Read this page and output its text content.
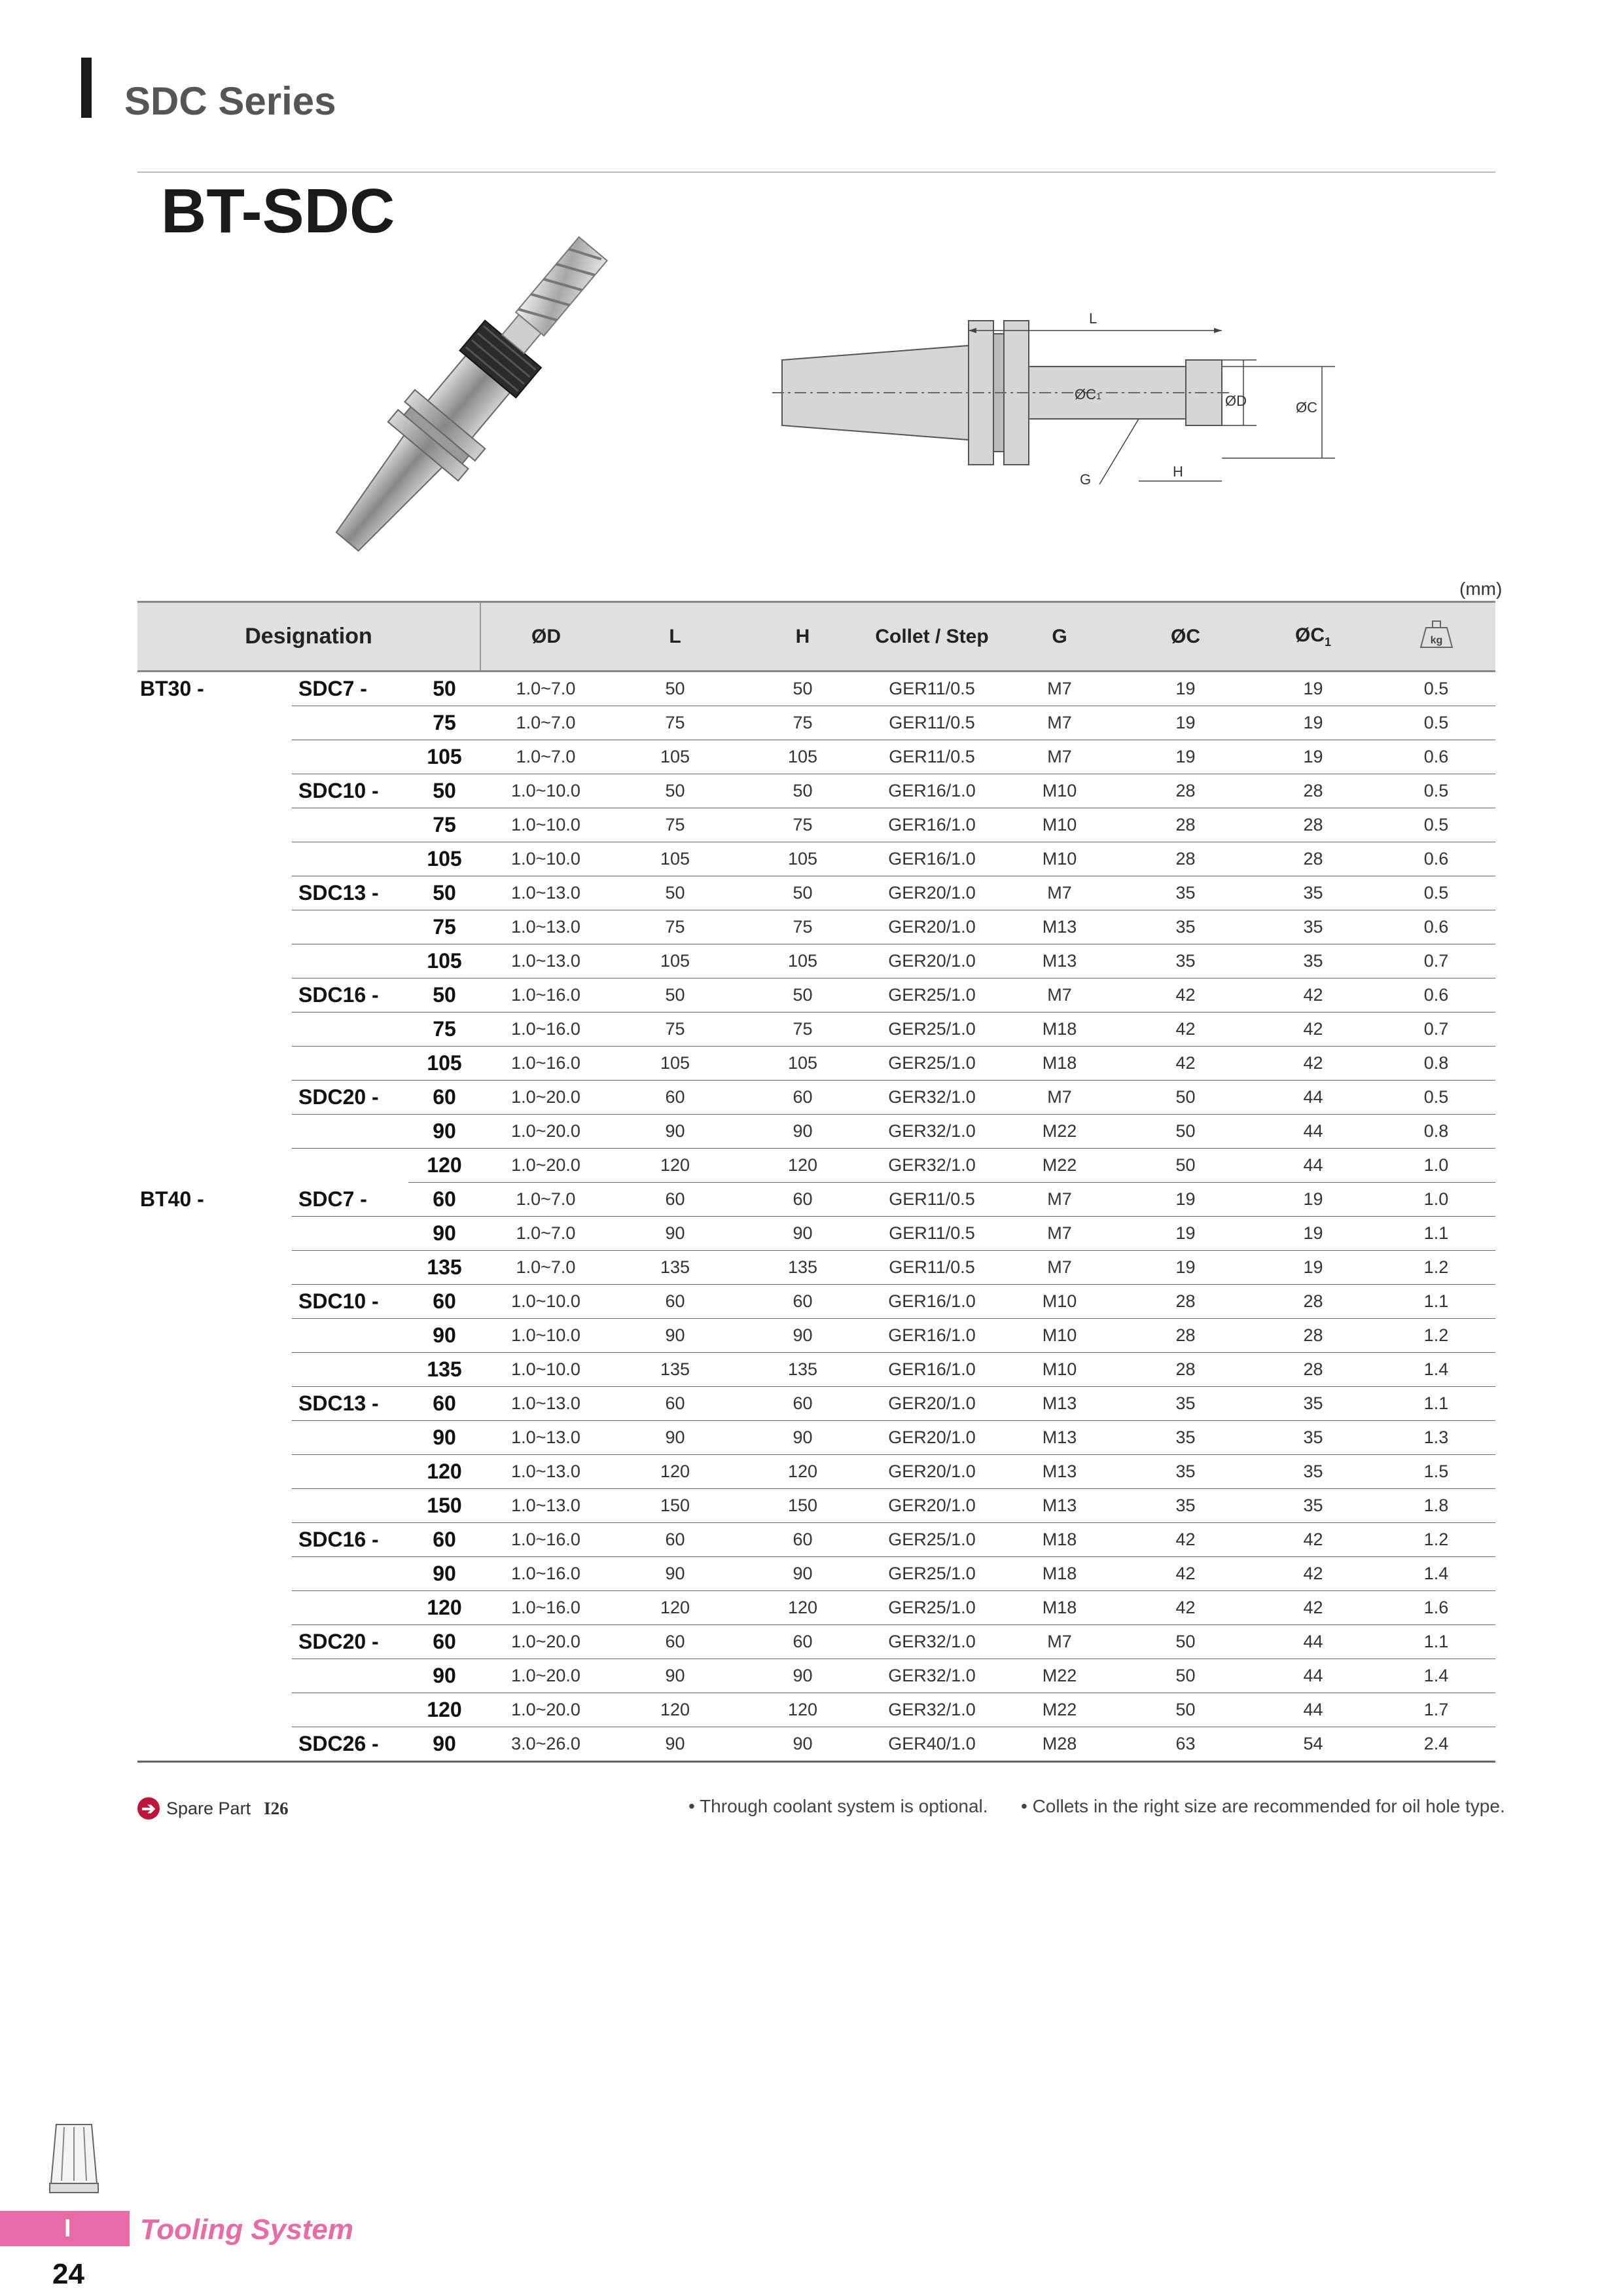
SDC Series
BT-SDC
L
ØC1	ØD	ØC
G	H
(mm)
Designation			ØD	L	H	Collet / Step	G	ØC	$ØC_1$	kg

BT30 -	SDC7 -	50	1.0~7.0	50	50	GER11/0.5	M7	19	19	0.5
		75	1.0~7.0	75	75	GER11/0.5	M7	19	19	0.5
		105	1.0~7.0	105	105	GER11/0.5	M7	19	19	0.6
	SDC10 -	50	1.0~10.0	50	50	GER16/1.0	M10	28	28	0.5
		75	1.0~10.0	75	75	GER16/1.0	M10	28	28	0.5
		105	1.0~10.0	105	105	GER16/1.0	M10	28	28	0.6
	SDC13 -	50	1.0~13.0	50	50	GER20/1.0	M7	35	35	0.5
		75	1.0~13.0	75	75	GER20/1.0	M13	35	35	0.6
		105	1.0~13.0	105	105	GER20/1.0	M13	35	35	0.7
	SDC16 -	50	1.0~16.0	50	50	GER25/1.0	M7	42	42	0.6
		75	1.0~16.0	75	75	GER25/1.0	M18	42	42	0.7
		105	1.0~16.0	105	105	GER25/1.0	M18	42	42	0.8
	SDC20 -	60	1.0~20.0	60	60	GER32/1.0	M7	50	44	0.5
		90	1.0~20.0	90	90	GER32/1.0	M22	50	44	0.8
		120	1.0~20.0	120	120	GER32/1.0	M22	50	44	1.0
BT40 -	SDC7 -	60	1.0~7.0	60	60	GER11/0.5	M7	19	19	1.0
		90	1.0~7.0	90	90	GER11/0.5	M7	19	19	1.1
		135	1.0~7.0	135	135	GER11/0.5	M7	19	19	1.2
	SDC10 -	60	1.0~10.0	60	60	GER16/1.0	M10	28	28	1.1
		90	1.0~10.0	90	90	GER16/1.0	M10	28	28	1.2
		135	1.0~10.0	135	135	GER16/1.0	M10	28	28	1.4
	SDC13 -	60	1.0~13.0	60	60	GER20/1.0	M13	35	35	1.1
		90	1.0~13.0	90	90	GER20/1.0	M13	35	35	1.3
		120	1.0~13.0	120	120	GER20/1.0	M13	35	35	1.5
		150	1.0~13.0	150	150	GER20/1.0	M13	35	35	1.8
	SDC16 -	60	1.0~16.0	60	60	GER25/1.0	M18	42	42	1.2
		90	1.0~16.0	90	90	GER25/1.0	M18	42	42	1.4
		120	1.0~16.0	120	120	GER25/1.0	M18	42	42	1.6
	SDC20 -	60	1.0~20.0	60	60	GER32/1.0	M7	50	44	1.1
		90	1.0~20.0	90	90	GER32/1.0	M22	50	44	1.4
		120	1.0~20.0	120	120	GER32/1.0	M22	50	44	1.7
	SDC26 -	90	3.0~26.0	90	90	GER40/1.0	M28	63	54	2.4
➔ Spare Part I26	• Through coolant system is optional. • Collets in the right size are recommended for oil hole type.
I Tooling System
24
